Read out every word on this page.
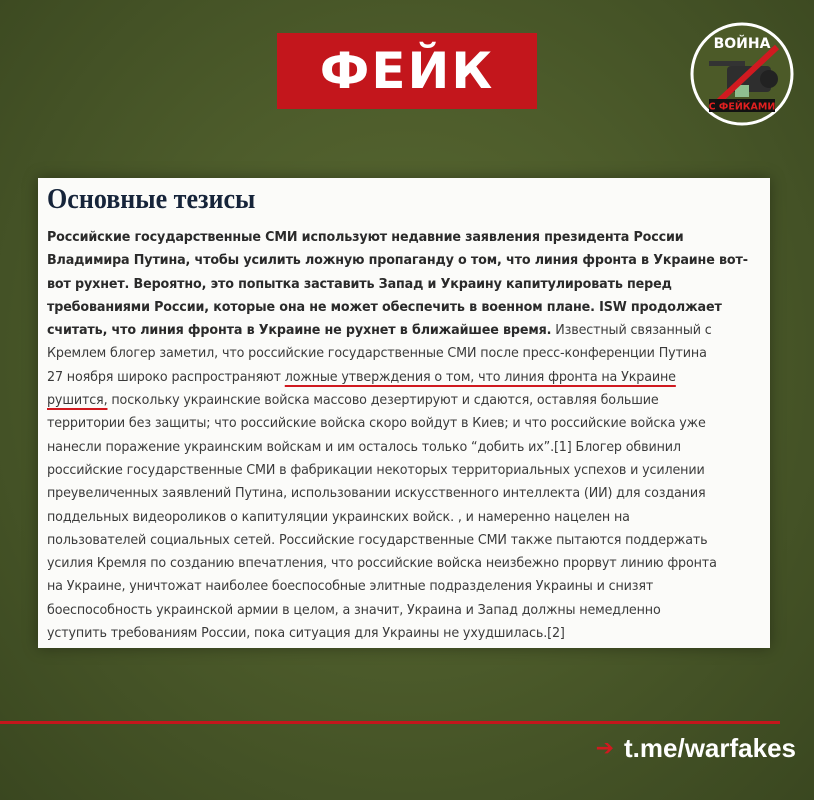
ФЕЙК	ВОЙНА
С ФЕЙКАМИ
Основные тезисы
Российские государственные СМИ используют недавние заявления президента России
Владимира Путина, чтобы усилить ложную пропаганду о том, что линия фронта в Украине вот-
вот рухнет. Вероятно, это попытка заставить Запад и Украину капитулировать перед
требованиями России, которые она не может обеспечить в военном плане. ISW продолжает
считать, что линия фронта в Украине не рухнет в ближайшее время. Известный связанный с
Кремлем блогер заметил, что российские государственные СМИ после пресс-конференции Путина
27 ноября широко распространяют ложные утверждения о том, что линия фронта на Украине
рушится, поскольку украинские войска массово дезертируют и сдаются, оставляя большие
территории без защиты; что российские войска скоро войдут в Киев; и что российские войска уже
нанесли поражение украинским войскам и им осталось только “добить их”.[1] Блогер обвинил
российские государственные СМИ в фабрикации некоторых территориальных успехов и усилении
преувеличенных заявлений Путина, использовании искусственного интеллекта (ИИ) для создания
поддельных видеороликов о капитуляции украинских войск. , и намеренно нацелен на
пользователей социальных сетей. Российские государственные СМИ также пытаются поддержать
усилия Кремля по созданию впечатления, что российские войска неизбежно прорвут линию фронта
на Украине, уничтожат наиболее боеспособные элитные подразделения Украины и снизят
боеспособность украинской армии в целом, а значит, Украина и Запад должны немедленно
уступить требованиям России, пока ситуация для Украины не ухудшилась.[2]
➔ t.me/warfakes
